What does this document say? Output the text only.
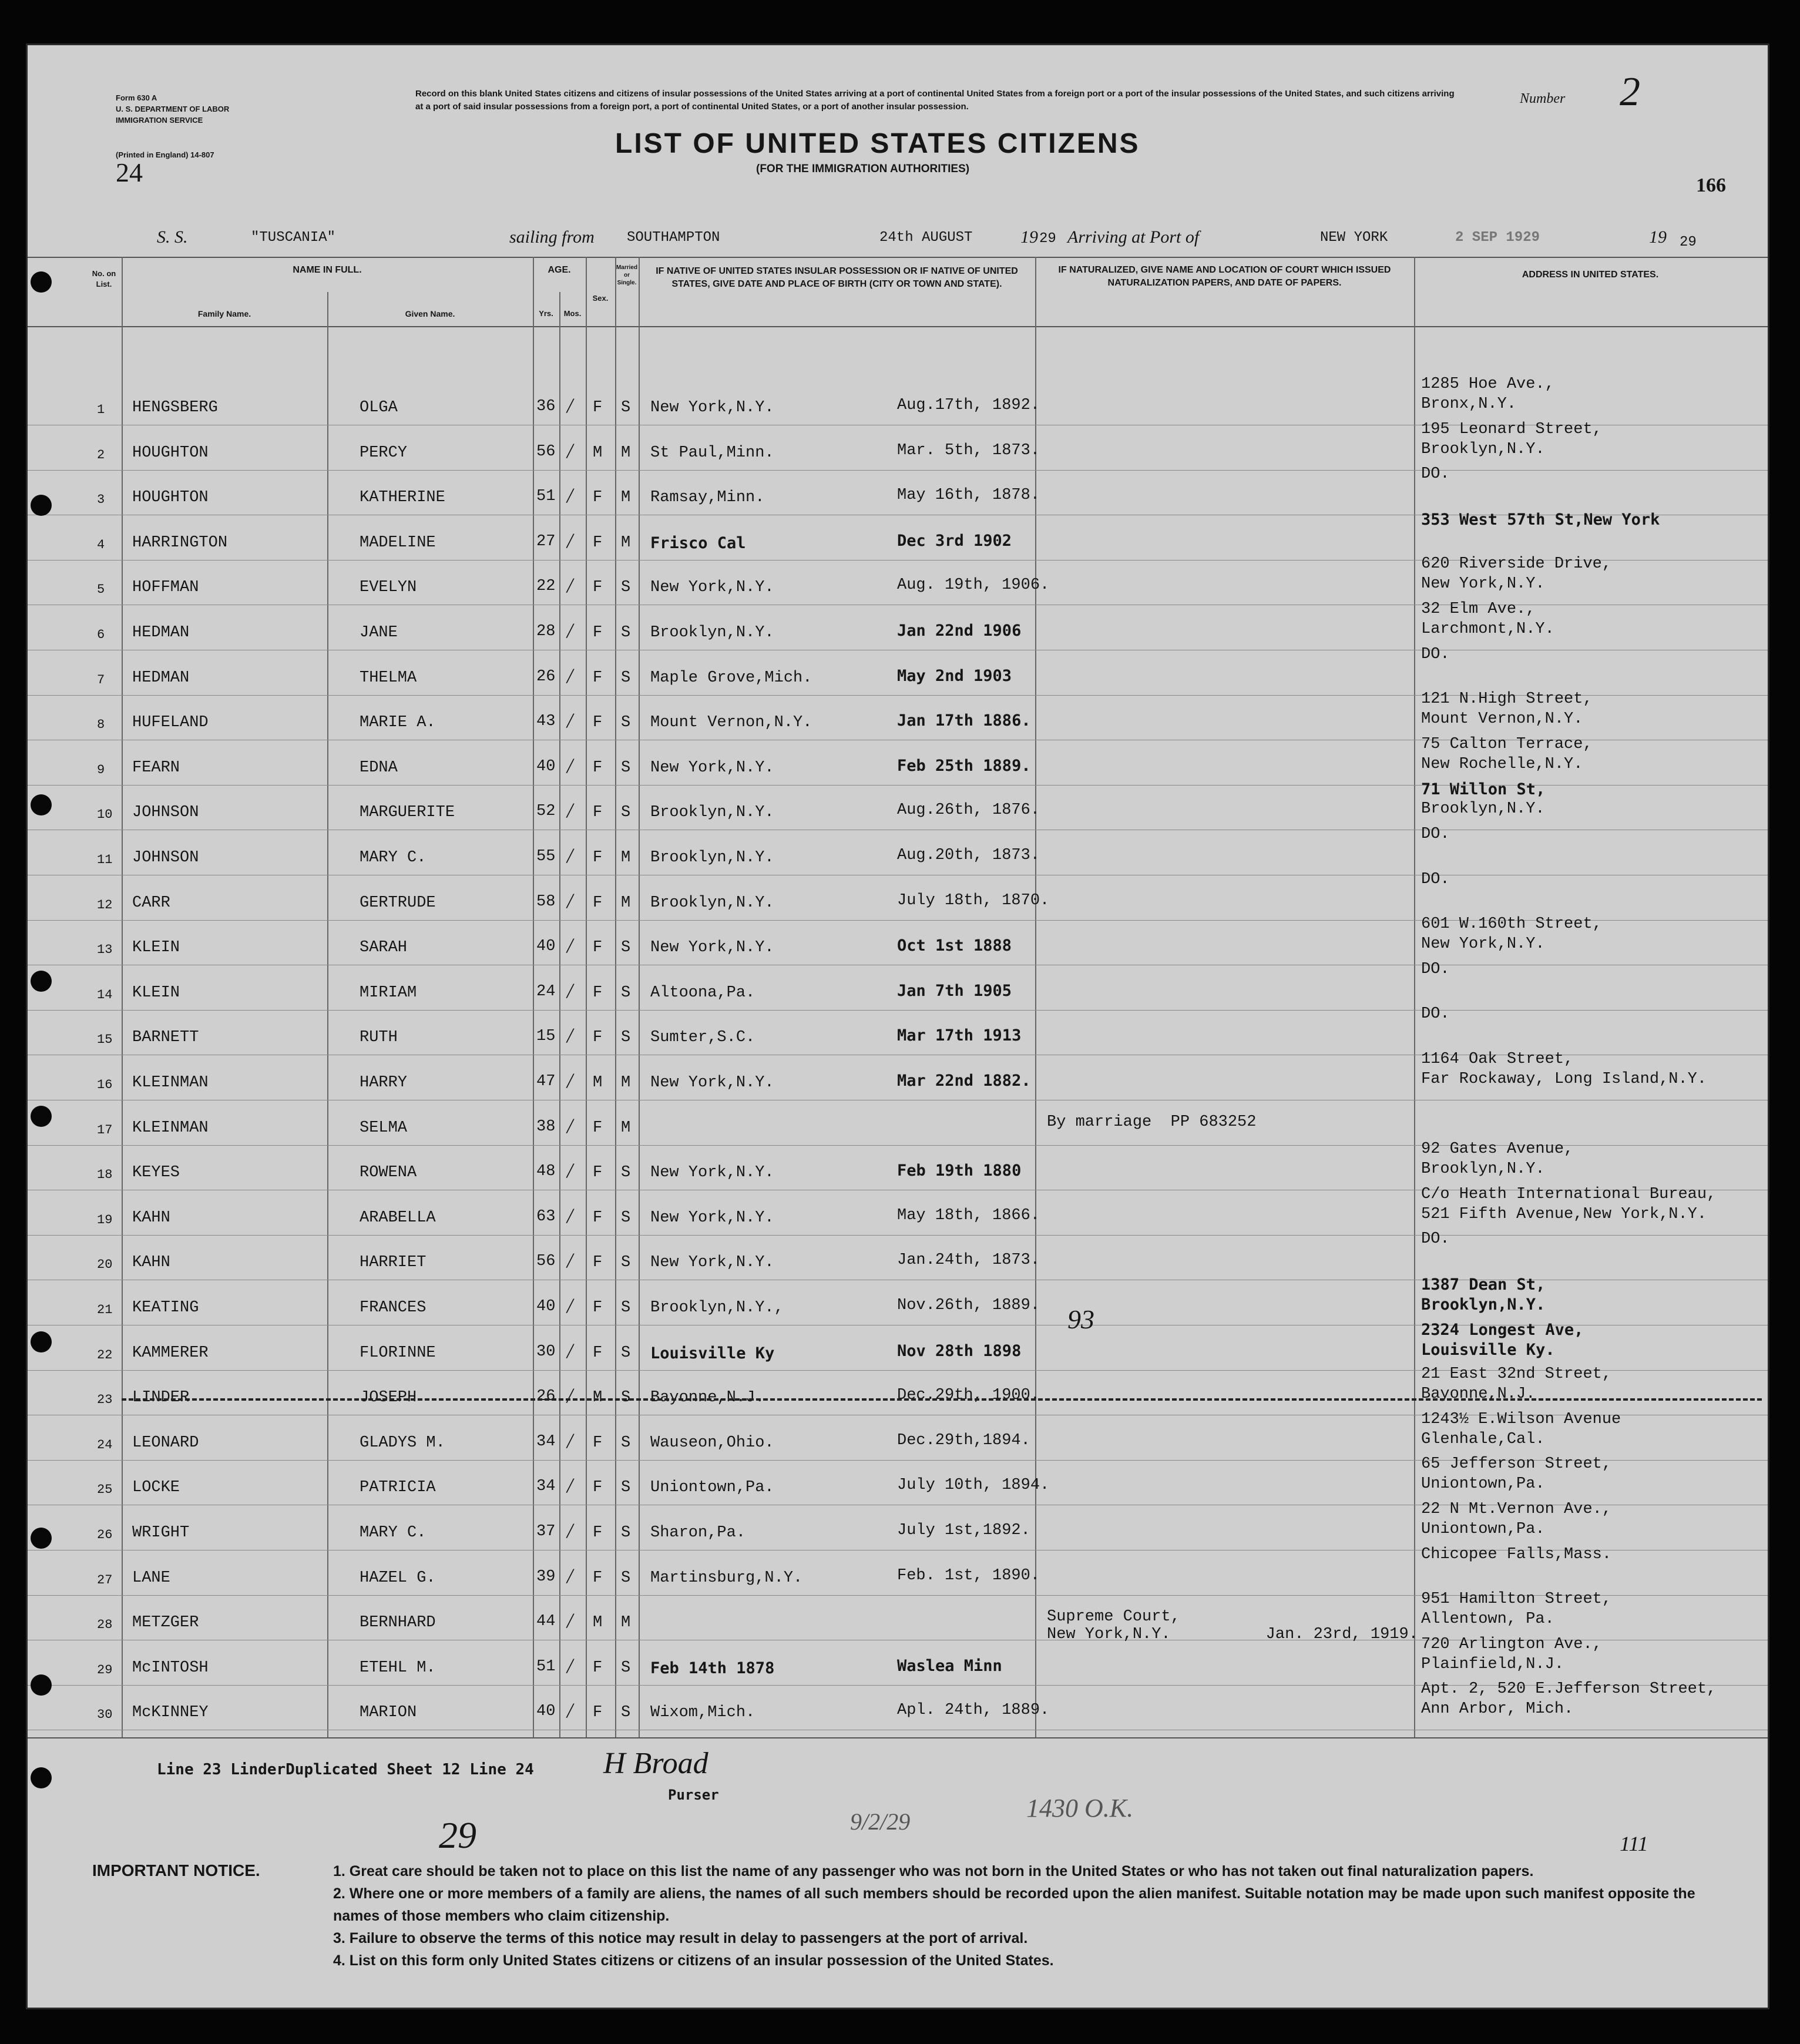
Form 630 A
U. S. DEPARTMENT OF LABOR
IMMIGRATION SERVICE
(Printed in England) 14-807
24
Record on this blank United States citizens and citizens of insular possessions of the United States arriving at a port of continental United States from a foreign port or a port of the insular possessions of the United States, and such citizens arriving at a port of said insular possessions from a foreign port, a port of continental United States, or a port of another insular possession.
LIST OF UNITED STATES CITIZENS
(FOR THE IMMIGRATION AUTHORITIES)
Number 2
166
S. S.	"TUSCANIA"	sailing from SOUTHAMPTON	24th AUGUST	19 29 Arriving at Port of	NEW YORK	2 SEP 1929	19 29
No. on List.
NAME IN FULL.
Family Name.	Given Name.
AGE.
Yrs.	Mos.
Sex.
Married or Single.
IF NATIVE OF UNITED STATES INSULAR POSSESSION OR IF NATIVE OF UNITED STATES, GIVE DATE AND PLACE OF BIRTH (CITY OR TOWN AND STATE).
IF NATURALIZED, GIVE NAME AND LOCATION OF COURT WHICH ISSUED NATURALIZATION PAPERS, AND DATE OF PAPERS.
ADDRESS IN UNITED STATES.
1 HENGSBERG	OLGA	36 / F S New York,N.Y.	Aug.17th, 1892.
1285 Hoe Ave.,
Bronx,N.Y.
2 HOUGHTON	PERCY	56 / M M St Paul,Minn.	Mar. 5th, 1873.
195 Leonard Street,
Brooklyn,N.Y.
3 HOUGHTON	KATHERINE	51 / F M Ramsay,Minn.	May 16th, 1878.
DO.
4 HARRINGTON	MADELINE	27 / F M Frisco Cal	Dec 3rd 1902
353 West 57th St,New York
5 HOFFMAN	EVELYN	22 / F S New York,N.Y.	Aug. 19th, 1906.
620 Riverside Drive,
New York,N.Y.
6 HEDMAN	JANE	28 / F S Brooklyn,N.Y.	Jan 22nd 1906
32 Elm Ave.,
Larchmont,N.Y.
7 HEDMAN	THELMA	26 / F S Maple Grove,Mich.	May 2nd 1903
DO.
8 HUFELAND	MARIE A.	43 / F S Mount Vernon,N.Y.	Jan 17th 1886.
121 N.High Street,
Mount Vernon,N.Y.
9 FEARN	EDNA	40 / F S New York,N.Y.	Feb 25th 1889.
75 Calton Terrace,
New Rochelle,N.Y.
10 JOHNSON	MARGUERITE	52 / F S Brooklyn,N.Y.	Aug.26th, 1876.
71 Willon St,
Brooklyn,N.Y.
11 JOHNSON	MARY C.	55 / F M Brooklyn,N.Y.	Aug.20th, 1873.
DO.
12 CARR	GERTRUDE	58 / F M Brooklyn,N.Y.	July 18th, 1870.
DO.
13 KLEIN	SARAH	40 / F S New York,N.Y.	Oct 1st 1888
601 W.160th Street,
New York,N.Y.
14 KLEIN	MIRIAM	24 / F S Altoona,Pa.	Jan 7th 1905
DO.
15 BARNETT	RUTH	15 / F S Sumter,S.C.	Mar 17th 1913
DO.
16 KLEINMAN	HARRY	47 / M M New York,N.Y.	Mar 22nd 1882.
1164 Oak Street,
Far Rockaway, Long Island,N.Y.
17 KLEINMAN	SELMA	38 / F M	By marriage  PP 683252
18 KEYES	ROWENA	48 / F S New York,N.Y.	Feb 19th 1880
92 Gates Avenue,
Brooklyn,N.Y.
19 KAHN	ARABELLA	63 / F S New York,N.Y.	May 18th, 1866.
C/o Heath International Bureau,
521 Fifth Avenue,New York,N.Y.
20 KAHN	HARRIET	56 / F S New York,N.Y.	Jan.24th, 1873.
DO.
21 KEATING	FRANCES	40 / F S Brooklyn,N.Y.,	Nov.26th, 1889. 93
1387 Dean St,
Brooklyn,N.Y.
22 KAMMERER	FLORINNE	30 / F S Louisville Ky	Nov 28th 1898
2324 Longest Ave,
Louisville Ky.
23 LINDER	JOSEPH	26 / M S Bayonne,N.J.	Dec.29th, 1900.
21 East 32nd Street,
Bayonne,N.J.
24 LEONARD	GLADYS M.	34 / F S Wauseon,Ohio.	Dec.29th,1894.
1243½ E.Wilson Avenue
Glenhale,Cal.
25 LOCKE	PATRICIA	34 / F S Uniontown,Pa.	July 10th, 1894.
65 Jefferson Street,
Uniontown,Pa.
26 WRIGHT	MARY C.	37 / F S Sharon,Pa.	July 1st,1892.
22 N Mt.Vernon Ave.,
Uniontown,Pa.
27 LANE	HAZEL G.	39 / F S Martinsburg,N.Y.	Feb. 1st, 1890.
Chicopee Falls,Mass.
28 METZGER	BERNHARD	44 / M M	Supreme Court,
New York,N.Y.          Jan. 23rd, 1919.
951 Hamilton Street,
Allentown, Pa.
29 McINTOSH	ETEHL M.	51 / F S Feb 14th 1878	Waslea Minn
720 Arlington Ave.,
Plainfield,N.J.
30 McKINNEY	MARION	40 / F S Wixom,Mich.	Apl. 24th, 1889.
Apt. 2, 520 E.Jefferson Street,
Ann Arbor, Mich.
Line 23 LinderDuplicated Sheet 12 Line 24 H Broad
Purser
9/2/29	1430 O.K.
29	111
IMPORTANT NOTICE.	1. Great care should be taken not to place on this list the name of any passenger who was not born in the United States or who has not taken out final naturalization papers.
2. Where one or more members of a family are aliens, the names of all such members should be recorded upon the alien manifest. Suitable notation may be made upon such manifest opposite the names of those members who claim citizenship.
3. Failure to observe the terms of this notice may result in delay to passengers at the port of arrival.
4. List on this form only United States citizens or citizens of an insular possession of the United States.
